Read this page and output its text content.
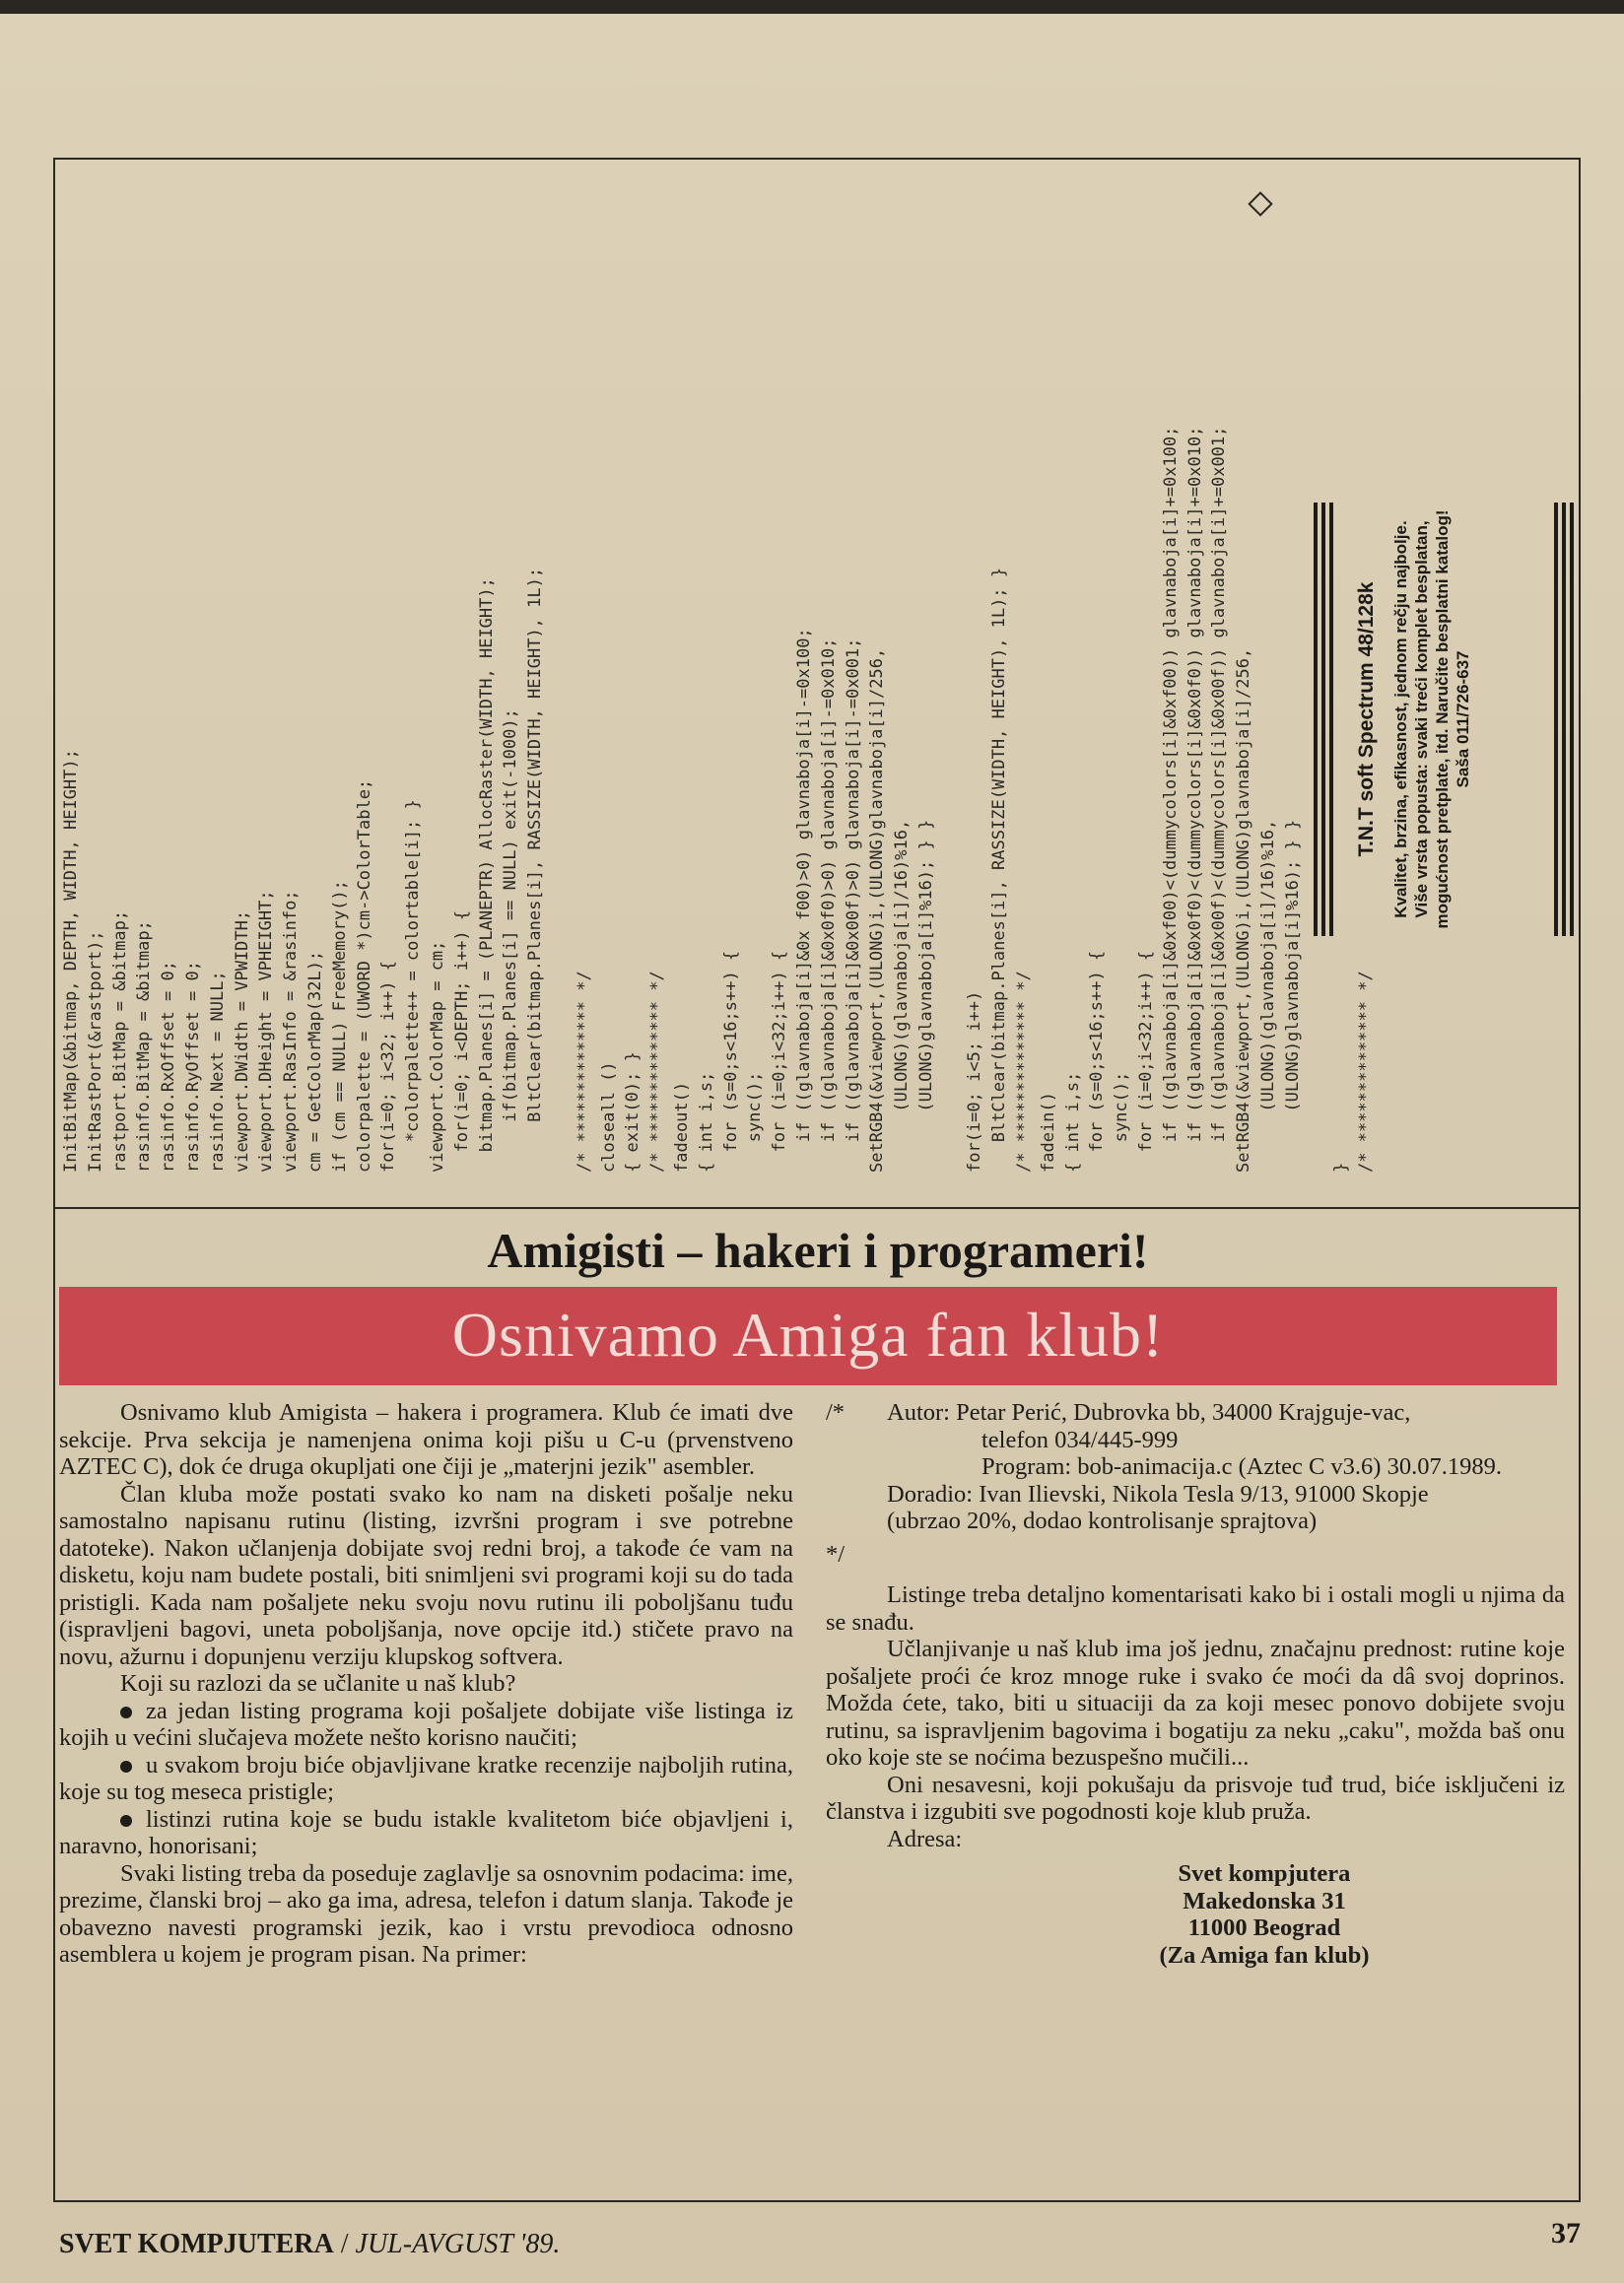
InitBitMap(&bitmap, DEPTH, WIDTH, HEIGHT); InitRastPort(&rastport); rastport.BitMap = &bitmap; rasinfo.BitMap = &bitmap; rasinfo.RxOffset = 0; rasinfo.RyOffset = 0; rasinfo.Next = NULL; viewport.DWidth = VPWIDTH; viewport.DHeight = VPHEIGHT; viewport.RasInfo = &rasinfo; cm = GetColorMap(32L); if (cm == NULL) FreeMemory(); colorpalette = (UWORD *)cm->ColorTable; for(i=0; i<32; i++) { *colorpalette++ = colortable[i]; } viewport.ColorMap = cm; for(i=0; i<DEPTH; i++) { bitmap.Planes[i] = (PLANEPTR) AllocRaster(WIDTH, HEIGHT); if(bitmap.Planes[i] == NULL) exit(-1000); BltClear(bitmap.Planes[i], RASSIZE(WIDTH, HEIGHT), 1L); /* ************** */ closeall () { exit(0); } /* ************** */ fadeout() { int i,s; for (s=0;s<16;s++) { sync(); for (i=0;i<32;i++) { if ((glavnaboja[i]&0x f00)>0) glavnaboja[i]-=0x100; if ((glavnaboja[i]&0x0f0)>0) glavnaboja[i]-=0x010; if ((glavnaboja[i]&0x00f)>0) glavnaboja[i]-=0x001; SetRGB4(&viewport,(ULONG)i,(ULONG)glavnaboja[i]/256, (ULONG)(glavnaboja[i]/16)%16, (ULONG)glavnaboja[i]%16); } } for(i=0; i<5; i++) BltClear(bitmap.Planes[i], RASSIZE(WIDTH, HEIGHT), 1L); } /* ************** */ fadein() { int i,s; for (s=0;s<16;s++) { sync(); for (i=0;i<32;i++) { if ((glavnaboja[i]&0xf00)<(dummycolors[i]&0xf00)) glavnaboja[i]+=0x100; if ((glavnaboja[i]&0x0f0)<(dummycolors[i]&0x0f0)) glavnaboja[i]+=0x010; if ((glavnaboja[i]&0x00f)<(dummycolors[i]&0x00f)) glavnaboja[i]+=0x001; SetRGB4(&viewport,(ULONG)i,(ULONG)glavnaboja[i]/256, (ULONG)(glavnaboja[i]/16)%16, (ULONG)glavnaboja[i]%16); } } } /* ************** */
T.N.T soft Spectrum 48/128k Kvalitet, brzina, efikasnost, jednom rečju najbolje. Više vrsta popusta: svaki treći komplet besplatan, mogućnost pretplate, itd. Naručite besplatni katalog! Saša 011/726-637
Amigisti – hakeri i programeri!
Osnivamo Amiga fan klub!

Osnivamo klub Amigista – hakera i programera. Klub će imati dve sekcije. Prva sekcija je namenjena onima koji pišu u C-u (prvenstveno AZTEC C), dok će druga okupljati one čiji je „materjni jezik" asembler.

Član kluba može postati svako ko nam na disketi pošalje neku samostalno napisanu rutinu (listing, izvršni program i sve potrebne datoteke). Nakon učlanjenja dobijate svoj redni broj, a takođe će vam na disketu, koju nam budete postali, biti snimljeni svi programi koji su do tada pristigli. Kada nam pošaljete neku svoju novu rutinu ili poboljšanu tuđu (ispravljeni bagovi, uneta poboljšanja, nove opcije itd.) stičete pravo na novu, ažurnu i dopunjenu verziju klupskog softvera.

Koji su razlozi da se učlanite u naš klub?

za jedan listing programa koji pošaljete dobijate više listinga iz kojih u većini slučajeva možete nešto korisno naučiti;

u svakom broju biće objavljivane kratke recenzije najboljih rutina, koje su tog meseca pristigle;

listinzi rutina koje se budu istakle kvalitetom biće objavljeni i, naravno, honorisani;

Svaki listing treba da poseduje zaglavlje sa osnovnim podacima: ime, prezime, članski broj – ako ga ima, adresa, telefon i datum slanja. Takođe je obavezno navesti programski jezik, kao i vrstu prevodioca odnosno asemblera u kojem je program pisan. Na primer:

/*	Autor: Petar Perić, Dubrovka bb, 34000 Krajguje-vac,
telefon 034/445-999
Program: bob-animacija.c (Aztec C v3.6) 30.07.1989.
Doradio: Ivan Ilievski, Nikola Tesla 9/13, 91000 Skopje
(ubrzao 20%, dodao kontrolisanje sprajtova)
*/

Listinge treba detaljno komentarisati kako bi i ostali mogli u njima da se snađu.

Učlanjivanje u naš klub ima još jednu, značajnu prednost: rutine koje pošaljete proći će kroz mnoge ruke i svako će moći da dâ svoj doprinos. Možda ćete, tako, biti u situaciji da za koji mesec ponovo dobijete svoju rutinu, sa ispravljenim bagovima i bogatiju za neku „caku", možda baš onu oko koje ste se noćima bezuspešno mučili...

Oni nesavesni, koji pokušaju da prisvoje tuđ trud, biće isključeni iz članstva i izgubiti sve pogodnosti koje klub pruža.

Adresa:

Svet kompjutera
Makedonska 31
11000 Beograd
(Za Amiga fan klub)
SVET KOMPJUTERA / JUL-AVGUST '89.	37
